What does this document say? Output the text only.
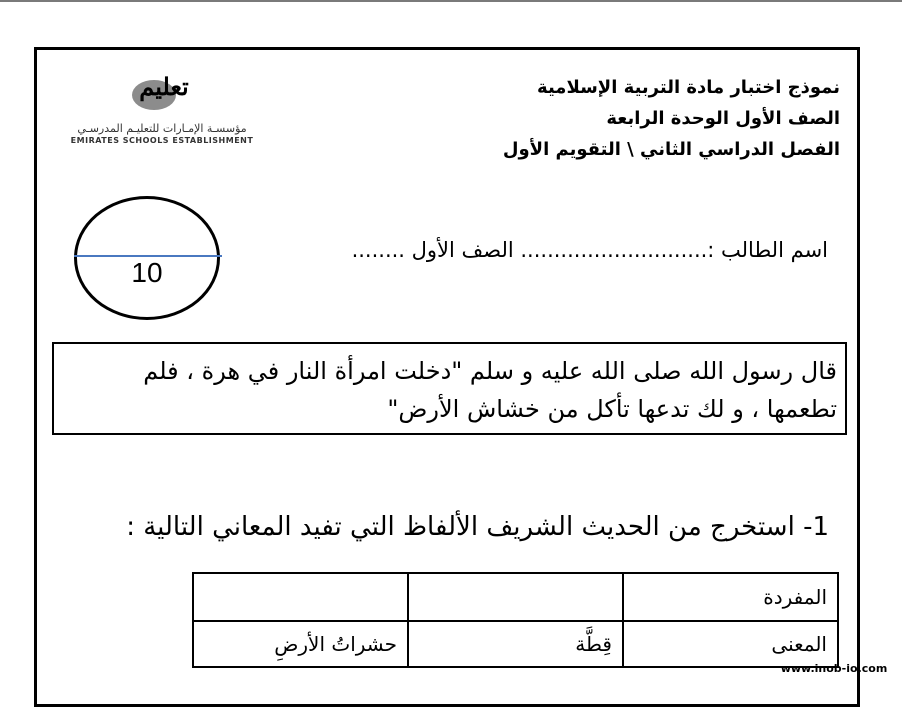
نموذج اختبار مادة التربية الإسلامية
الصف الأول الوحدة الرابعة
الفصل الدراسي الثاني \ التقويم الأول
تعليم
مؤسسـة الإمـارات للتعليـم المدرسـي
EMIRATES SCHOOLS ESTABLISHMENT
10
اسم الطالب :............................ الصف الأول ........
قال رسول الله صلى الله عليه و سلم "دخلت امرأة النار في هرة ، فلم
تطعمها ، و لك تدعها تأكل من خشاش الأرض"
1- استخرج من الحديث الشريف الألفاظ التي تفيد المعاني التالية :
المفردة		
المعنى	قِطَّة	حشراتُ الأرضِ
www.inob-io.com
